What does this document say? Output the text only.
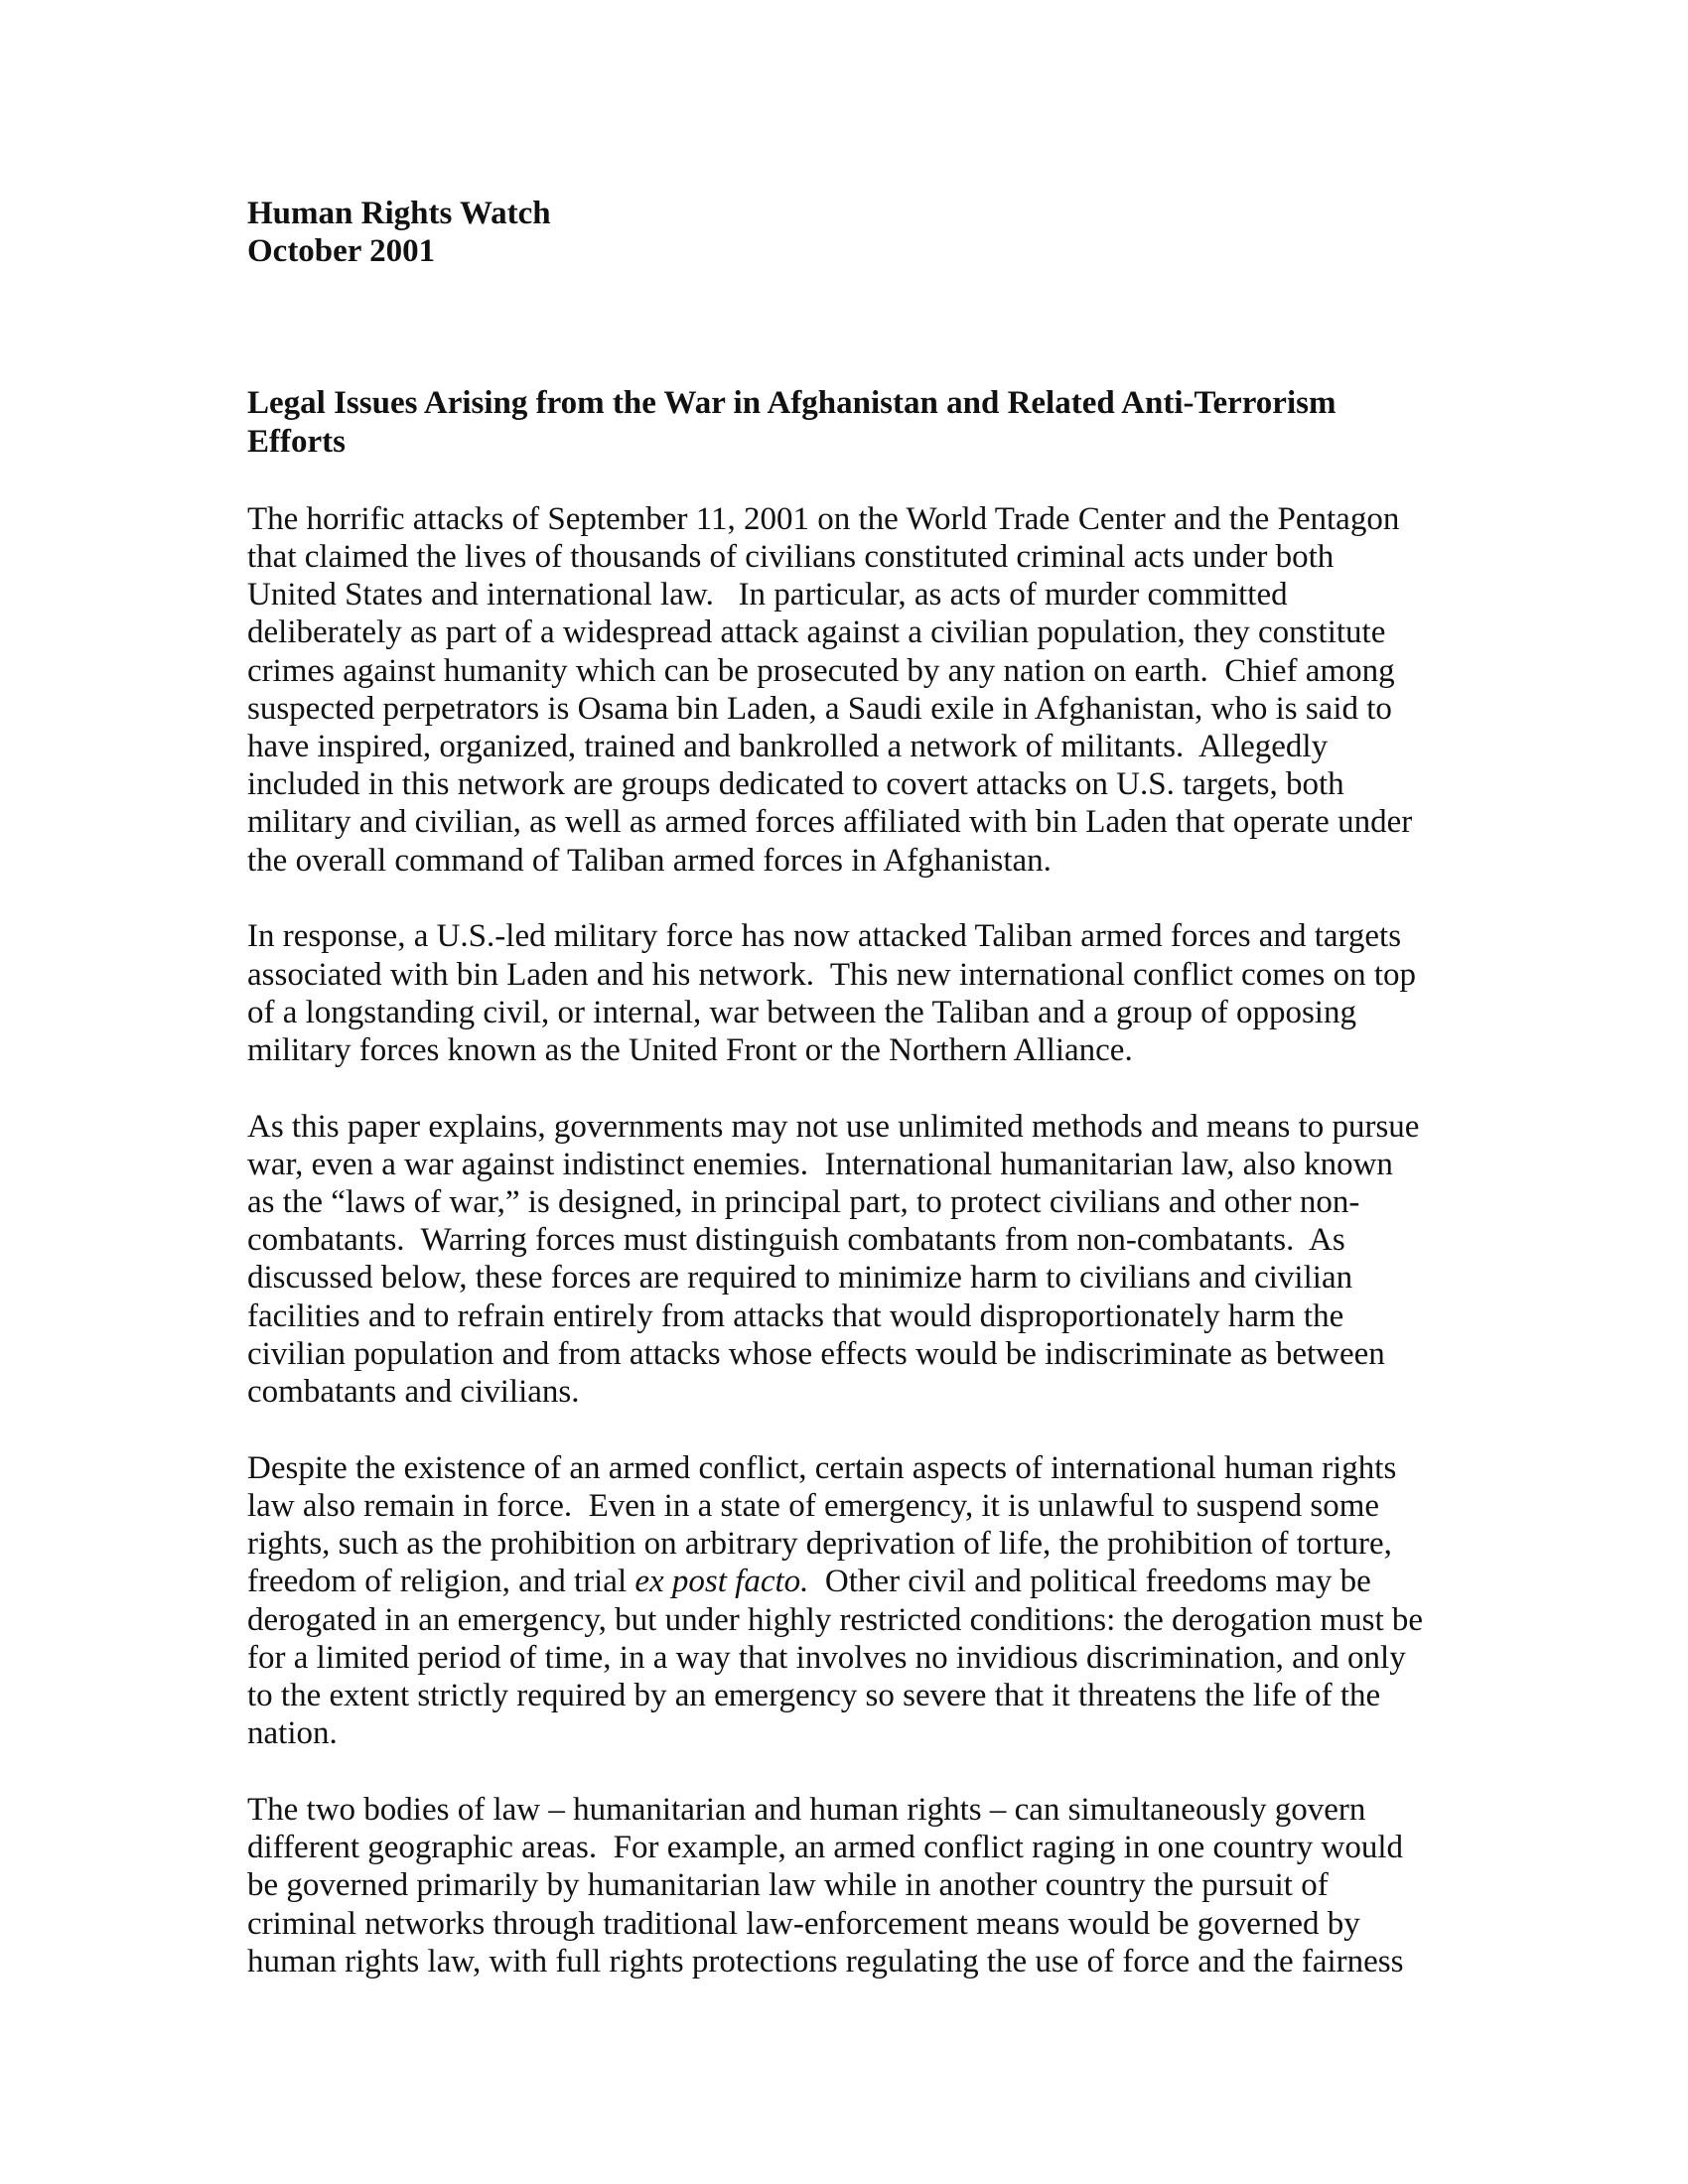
Human Rights Watch
October 2001
Legal Issues Arising from the War in Afghanistan and Related Anti-Terrorism
Efforts

The horrific attacks of September 11, 2001 on the World Trade Center and the Pentagon
that claimed the lives of thousands of civilians constituted criminal acts under both
United States and international law.   In particular, as acts of murder committed
deliberately as part of a widespread attack against a civilian population, they constitute
crimes against humanity which can be prosecuted by any nation on earth.  Chief among
suspected perpetrators is Osama bin Laden, a Saudi exile in Afghanistan, who is said to
have inspired, organized, trained and bankrolled a network of militants.  Allegedly
included in this network are groups dedicated to covert attacks on U.S. targets, both
military and civilian, as well as armed forces affiliated with bin Laden that operate under
the overall command of Taliban armed forces in Afghanistan.

In response, a U.S.-led military force has now attacked Taliban armed forces and targets
associated with bin Laden and his network.  This new international conflict comes on top
of a longstanding civil, or internal, war between the Taliban and a group of opposing
military forces known as the United Front or the Northern Alliance.

As this paper explains, governments may not use unlimited methods and means to pursue
war, even a war against indistinct enemies.  International humanitarian law, also known
as the “laws of war,” is designed, in principal part, to protect civilians and other non-
combatants.  Warring forces must distinguish combatants from non-combatants.  As
discussed below, these forces are required to minimize harm to civilians and civilian
facilities and to refrain entirely from attacks that would disproportionately harm the
civilian population and from attacks whose effects would be indiscriminate as between
combatants and civilians.

Despite the existence of an armed conflict, certain aspects of international human rights
law also remain in force.  Even in a state of emergency, it is unlawful to suspend some
rights, such as the prohibition on arbitrary deprivation of life, the prohibition of torture,
freedom of religion, and trial ex post facto.  Other civil and political freedoms may be
derogated in an emergency, but under highly restricted conditions: the derogation must be
for a limited period of time, in a way that involves no invidious discrimination, and only
to the extent strictly required by an emergency so severe that it threatens the life of the
nation.

The two bodies of law – humanitarian and human rights – can simultaneously govern
different geographic areas.  For example, an armed conflict raging in one country would
be governed primarily by humanitarian law while in another country the pursuit of
criminal networks through traditional law-enforcement means would be governed by
human rights law, with full rights protections regulating the use of force and the fairness
